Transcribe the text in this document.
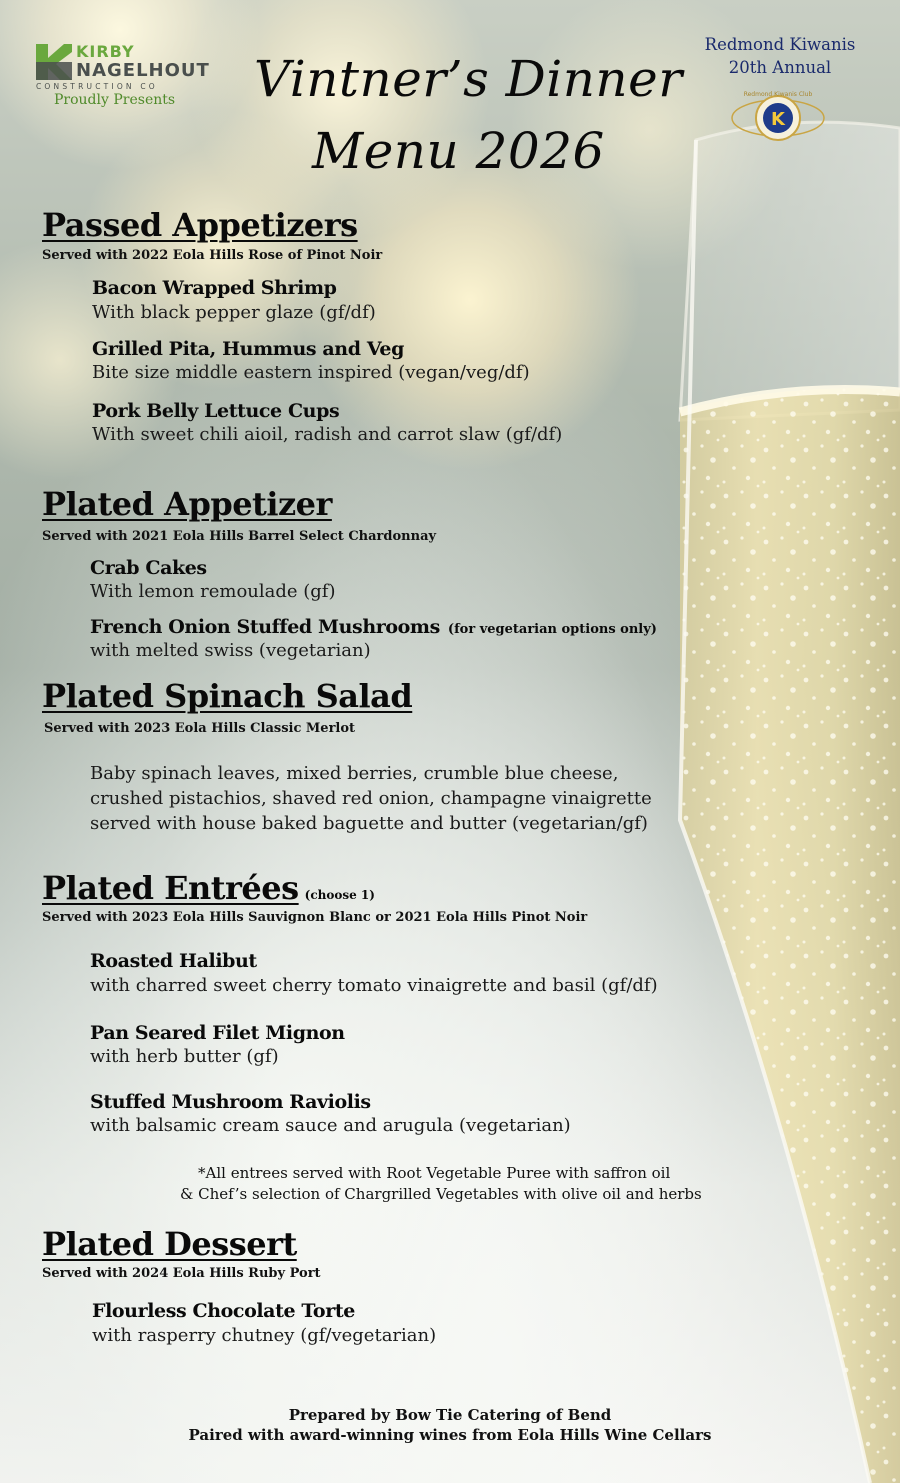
KIRBY
NAGELHOUT
CONSTRUCTION CO
Proudly Presents
Redmond Kiwanis
20th Annual
K
Redmond Kiwanis Club
Vintner’s Dinner
Menu 2026
Passed Appetizers
Served with 2022 Eola Hills Rose of Pinot Noir
Bacon Wrapped Shrimp
With black pepper glaze (gf/df)
Grilled Pita, Hummus and Veg
Bite size middle eastern inspired (vegan/veg/df)
Pork Belly Lettuce Cups
With sweet chili aioil, radish and carrot slaw (gf/df)
Plated Appetizer
Served with 2021 Eola Hills Barrel Select Chardonnay
Crab Cakes
With lemon remoulade (gf)
French Onion Stuffed Mushrooms (for vegetarian options only)
with melted swiss (vegetarian)
Plated Spinach Salad
Served with 2023 Eola Hills Classic Merlot
Baby spinach leaves, mixed berries, crumble blue cheese,
crushed pistachios, shaved red onion, champagne vinaigrette
served with house baked baguette and butter (vegetarian/gf)
Plated Entrées (choose 1)
Served with 2023 Eola Hills Sauvignon Blanc or 2021 Eola Hills Pinot Noir
Roasted Halibut
with charred sweet cherry tomato vinaigrette and basil (gf/df)
Pan Seared Filet Mignon
with herb butter (gf)
Stuffed Mushroom Raviolis
with balsamic cream sauce and arugula (vegetarian)
*All entrees served with Root Vegetable Puree with saffron oil
& Chef’s selection of Chargrilled Vegetables with olive oil and herbs
Plated Dessert
Served with 2024 Eola Hills Ruby Port
Flourless Chocolate Torte
with rasperry chutney (gf/vegetarian)
Prepared by Bow Tie Catering of Bend
Paired with award-winning wines from Eola Hills Wine Cellars
